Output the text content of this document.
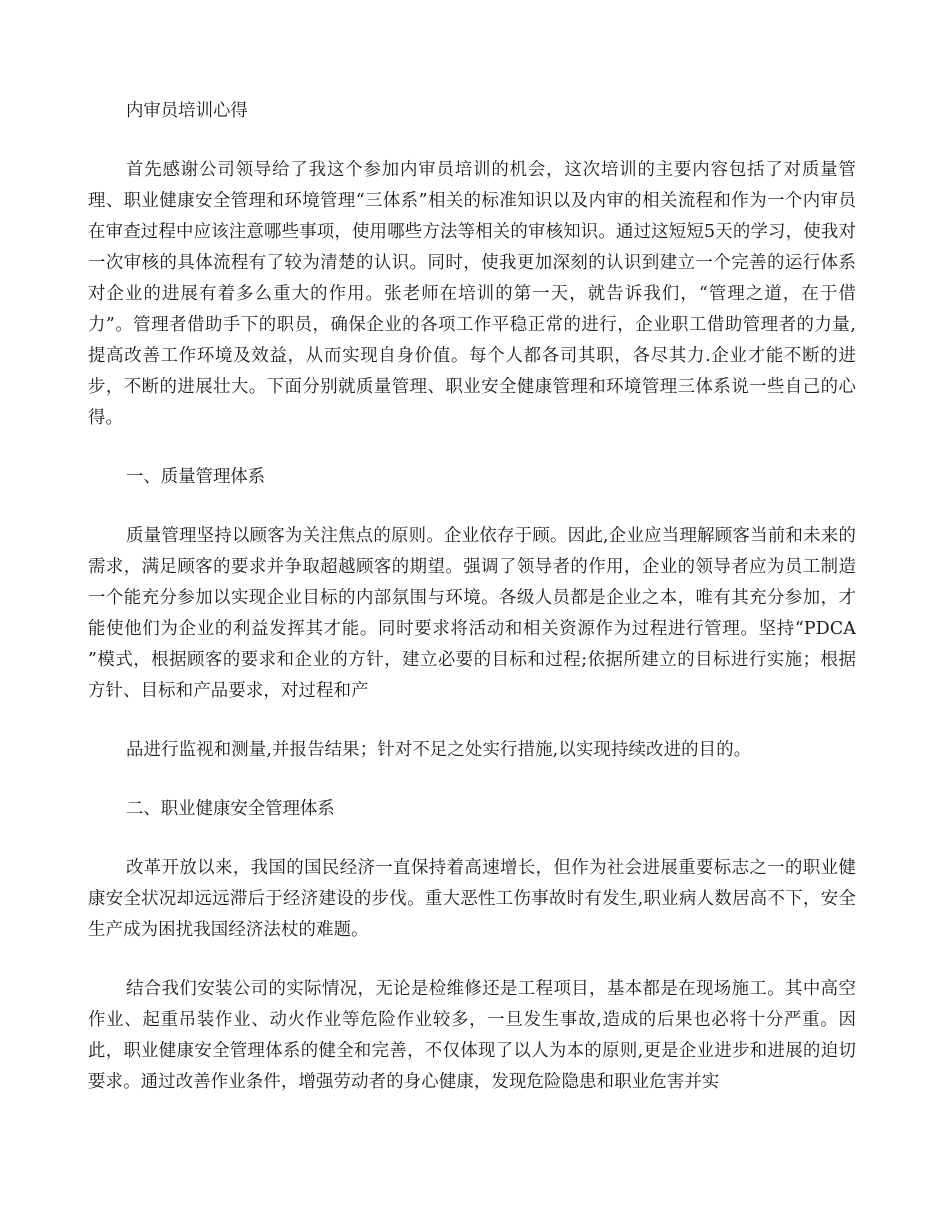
内审员培训心得

首先感谢公司领导给了我这个参加内审员培训的机会，这次培训的主要内容包括了对质量管理、职业健康安全管理和环境管理“三体系”相关的标准知识以及内审的相关流程和作为一个内审员在审查过程中应该注意哪些事项，使用哪些方法等相关的审核知识。通过这短短5天的学习，使我对一次审核的具体流程有了较为清楚的认识。同时，使我更加深刻的认识到建立一个完善的运行体系对企业的进展有着多么重大的作用。张老师在培训的第一天，就告诉我们，“管理之道，在于借力”。管理者借助手下的职员，确保企业的各项工作平稳正常的进行，企业职工借助管理者的力量,提高改善工作环境及效益，从而实现自身价值。每个人都各司其职，各尽其力.企业才能不断的进步，不断的进展壮大。下面分别就质量管理、职业安全健康管理和环境管理三体系说一些自己的心得。

一、质量管理体系

质量管理坚持以顾客为关注焦点的原则。企业依存于顾。因此,企业应当理解顾客当前和未来的需求，满足顾客的要求并争取超越顾客的期望。强调了领导者的作用，企业的领导者应为员工制造一个能充分参加以实现企业目标的内部氛围与环境。各级人员都是企业之本，唯有其充分参加，才能使他们为企业的利益发挥其才能。同时要求将活动和相关资源作为过程进行管理。坚持“PDCA ”模式，根据顾客的要求和企业的方针，建立必要的目标和过程;依据所建立的目标进行实施；根据方针、目标和产品要求，对过程和产

品进行监视和测量,并报告结果；针对不足之处实行措施,以实现持续改进的目的。

二、职业健康安全管理体系

改革开放以来，我国的国民经济一直保持着高速增长，但作为社会进展重要标志之一的职业健康安全状况却远远滞后于经济建设的步伐。重大恶性工伤事故时有发生,职业病人数居高不下，安全生产成为困扰我国经济法杖的难题。

结合我们安装公司的实际情况，无论是检维修还是工程项目，基本都是在现场施工。其中高空作业、起重吊装作业、动火作业等危险作业较多，一旦发生事故,造成的后果也必将十分严重。因此，职业健康安全管理体系的健全和完善，不仅体现了以人为本的原则,更是企业进步和进展的迫切要求。通过改善作业条件，增强劳动者的身心健康，发现危险隐患和职业危害并实
